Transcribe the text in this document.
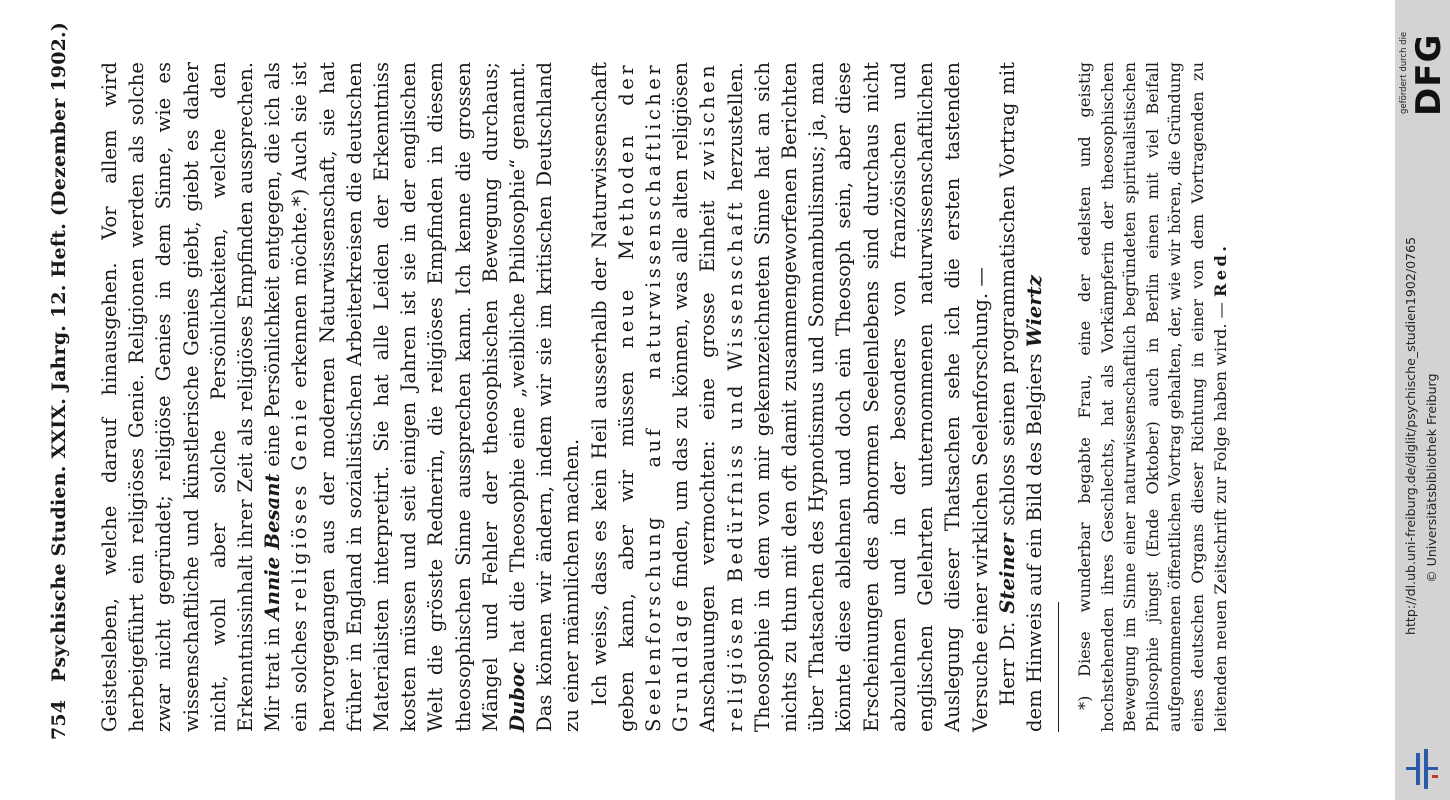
754Psychische Studien. XXIX. Jahrg. 12. Heft. (Dezember 1902.) Geistesleben, welche darauf hinausgehen. Vor allem wird herbeigeführt ein religiöses Genie. Religionen werden als solche zwar nicht gegründet; religiöse Genies in dem Sinne, wie es wissenschaftliche und künstlerische Genies giebt, giebt es daher nicht, wohl aber solche Persönlichkeiten, welche den Erkenntnissinhalt ihrer Zeit als religiöses Empfinden aussprechen. Mir trat in Annie Besant eine Persönlichkeit entgegen, die ich als ein solches religiöses Genie erkennen möchte.*) Auch sie ist hervorgegangen aus der modernen Naturwissenschaft, sie hat früher in England in sozialistischen Arbeiterkreisen die deutschen Materialisten interpretirt. Sie hat alle Leiden der Erkenntniss kosten müssen und seit einigen Jahren ist sie in der englischen Welt die grösste Rednerin, die religiöses Empfinden in diesem theosophischen Sinne aussprechen kann. Ich kenne die grossen Mängel und Fehler der theosophischen Bewegung durchaus; Duboc hat die Theosophie eine „weibliche Philosophie“ genannt. Das können wir ändern, indem wir sie im kritischen Deutschland zu einer männlichen machen. Ich weiss, dass es kein Heil ausserhalb der Naturwissenschaft geben kann, aber wir müssen neue Methoden der Seelenforschung auf naturwissenschaftlicher Grundlage finden, um das zu können, was alle alten religiösen Anschauungen vermochten: eine grosse Einheit zwischen religiösem Bedürfniss und Wissenschaft herzustellen. Theosophie in dem von mir gekennzeichneten Sinne hat an sich nichts zu thun mit den oft damit zusammengeworfenen Berichten über Thatsachen des Hypnotismus und Somnambulismus; ja, man könnte diese ablehnen und doch ein Theosoph sein, aber diese Erscheinungen des abnormen Seelenlebens sind durchaus nicht abzulehnen und in der besonders von französischen und englischen Gelehrten unternommenen naturwissenschaftlichen Auslegung dieser Thatsachen sehe ich die ersten tastenden Versuche einer wirklichen Seelenforschung. — Herr Dr. Steiner schloss seinen programmatischen Vortrag mit dem Hinweis auf ein Bild des Belgiers Wiertz *) Diese wunderbar begabte Frau, eine der edelsten und geistig hochstehenden ihres Geschlechts, hat als Vorkämpferin der theosophischen Bewegung im Sinne einer naturwissenschaftlich begründeten spiritualistischen Philosophie jüngst (Ende Oktober) auch in Berlin einen mit viel Beifall aufgenommenen öffentlichen Vortrag gehalten, der, wie wir hören, die Gründung eines deutschen Organs dieser Richtung in einer von dem Vortragenden zu leitenden neuen Zeitschrift zur Folge haben wird. — Red.

gefördert durch die DFG
http://dl.ub.uni-freiburg.de/diglit/psychische_studien1902/0765 © Universitätsbibliothek Freiburg
